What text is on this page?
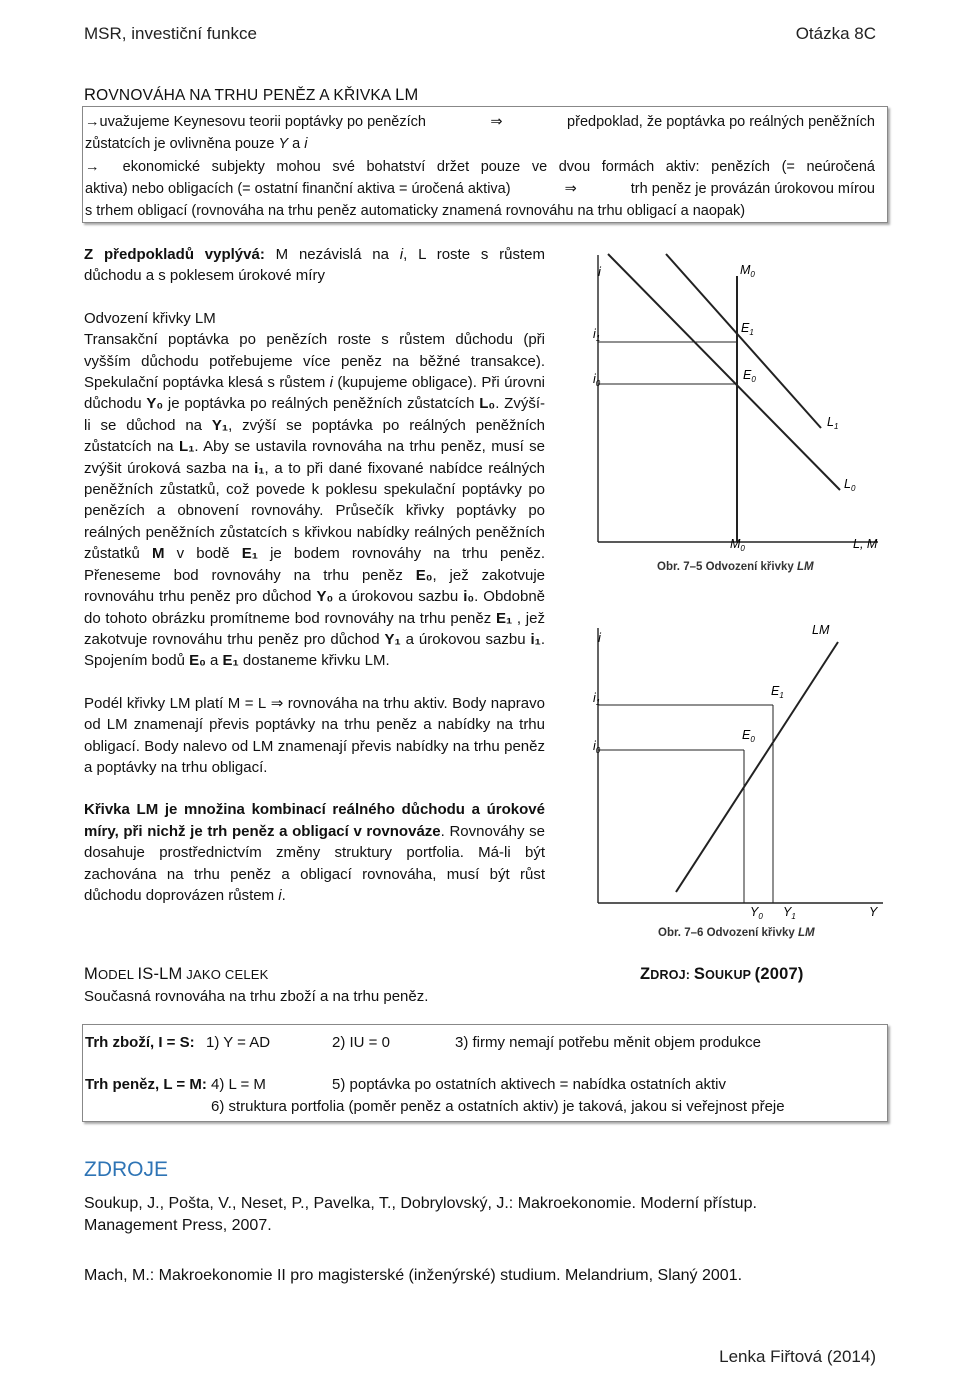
MSR, investiční funkce	Otázka 8C
ROVNOVÁHA NA TRHU PENĚZ A KŘIVKA LM
→uvažujeme Keynesovu teorii poptávky po penězích	⇒	předpoklad, že poptávka po reálných peněžních
zůstatcích je ovlivněna pouze Y a i
→ ekonomické subjekty mohou své bohatství držet pouze ve dvou formách aktiv: penězích (= neúročená
aktiva) nebo obligacích (= ostatní finanční aktiva = úročená aktiva)	⇒	trh peněz je provázán úrokovou mírou
s trhem obligací (rovnováha na trhu peněz automaticky znamená rovnováhu na trhu obligací a naopak)
Z předpokladů vyplývá: M nezávislá na i, L roste s růstem
důchodu a s poklesem úrokové míry
Odvození křivky LM
Transakční poptávka po penězích roste s růstem důchodu (při vyšším důchodu potřebujeme více peněz na běžné transakce). Spekulační poptávka klesá s růstem i (kupujeme obligace). Při úrovni důchodu Y₀ je poptávka po reálných peněžních zůstatcích L₀. Zvýší-li se důchod na Y₁, zvýší se poptávka po reálných peněžních zůstatcích na L₁. Aby se ustavila rovnováha na trhu peněz, musí se zvýšit úroková sazba na i₁, a to při dané fixované nabídce reálných peněžních zůstatků, což povede k poklesu spekulační poptávky po penězích a obnovení rovnováhy. Průsečík křivky poptávky po reálných peněžních zůstatcích s křivkou nabídky reálných peněžních zůstatků M v bodě E₁ je bodem rovnováhy na trhu peněz. Přeneseme bod rovnováhy na trhu peněz E₀, jež zakotvuje rovnováhu trhu peněz pro důchod Y₀ a úrokovou sazbu i₀. Obdobně do tohoto obrázku promítneme bod rovnováhy na trhu peněz E₁ , jež zakotvuje rovnováhu trhu peněz pro důchod Y₁ a úrokovou sazbu i₁. Spojením bodů E₀ a E₁ dostaneme křivku LM.
Podél křivky LM platí M = L ⇒ rovnováha na trhu aktiv. Body napravo od LM znamenají převis poptávky na trhu peněz a nabídky na trhu obligací. Body nalevo od LM znamenají převis nabídky na trhu peněz a poptávky na trhu obligací.
Křivka LM je množina kombinací reálného důchodu a úrokové míry, při nichž je trh peněz a obligací v rovnováze. Rovnováhy se dosahuje prostřednictvím změny struktury portfolia. Má-li být zachována na trhu peněz a obligací rovnováha, musí být růst důchodu doprovázen růstem i.
i	$M_0$
$i_1$
$i_0$
$E_1$
$E_0$
$L_1$
$L_0$
$M_0$	L, M
Obr. 7–5 Odvození křivky LM
i	LM
$i_1$
$i_0$
$E_1$
$E_0$
$Y_0$ $Y_1$	Y
Obr. 7–6 Odvození křivky LM
MODEL IS-LM JAKO CELEK	ZDROJ: SOUKUP (2007)
Současná rovnováha na trhu zboží a na trhu peněz.
Trh zboží, I = S: 1) Y = AD	2) IU = 0	3) firmy nemají potřebu měnit objem produkce
Trh peněz, L = M: 4) L = M	5) poptávka po ostatních aktivech = nabídka ostatních aktiv
6) struktura portfolia (poměr peněz a ostatních aktiv) je taková, jakou si veřejnost přeje
ZDROJE
Soukup, J., Pošta, V., Neset, P., Pavelka, T., Dobrylovský, J.: Makroekonomie. Moderní přístup.
Management Press, 2007.
Mach, M.: Makroekonomie II pro magisterské (inženýrské) studium. Melandrium, Slaný 2001.
Lenka Fiřtová (2014)
